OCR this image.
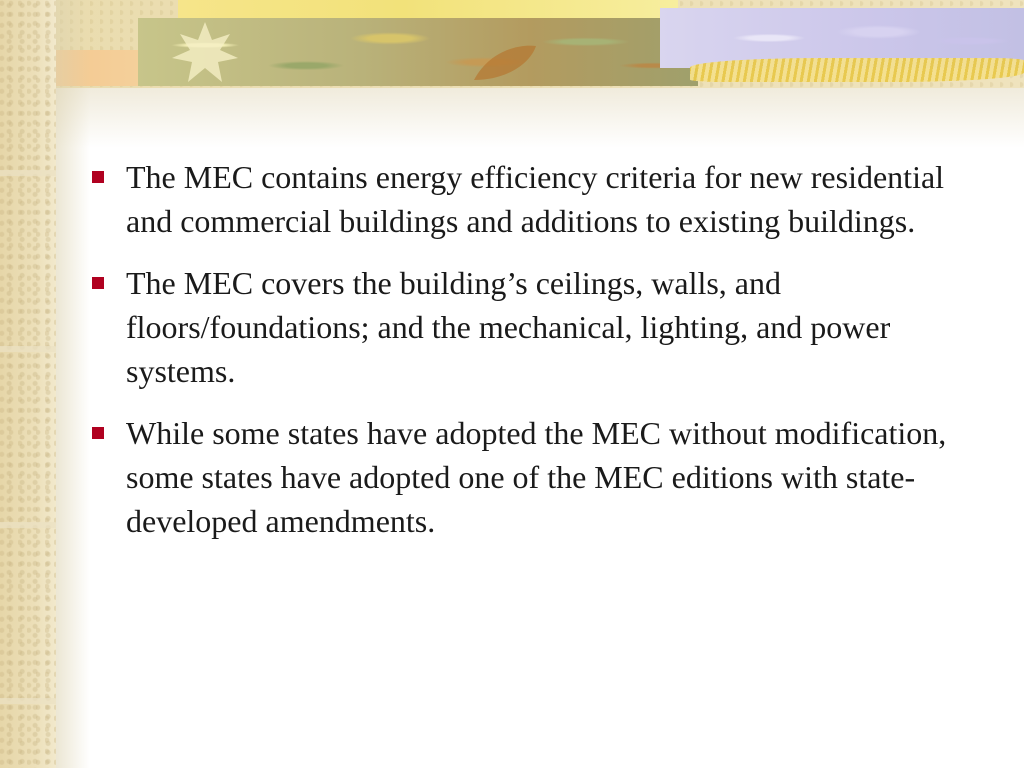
The MEC contains energy efficiency criteria for new residential and commercial buildings and additions to existing buildings.
The MEC covers the building’s ceilings, walls, and floors/foundations; and the mechanical, lighting, and power systems.
While some states have adopted the MEC without modification, some states have adopted one of the MEC editions with state-developed amendments.
